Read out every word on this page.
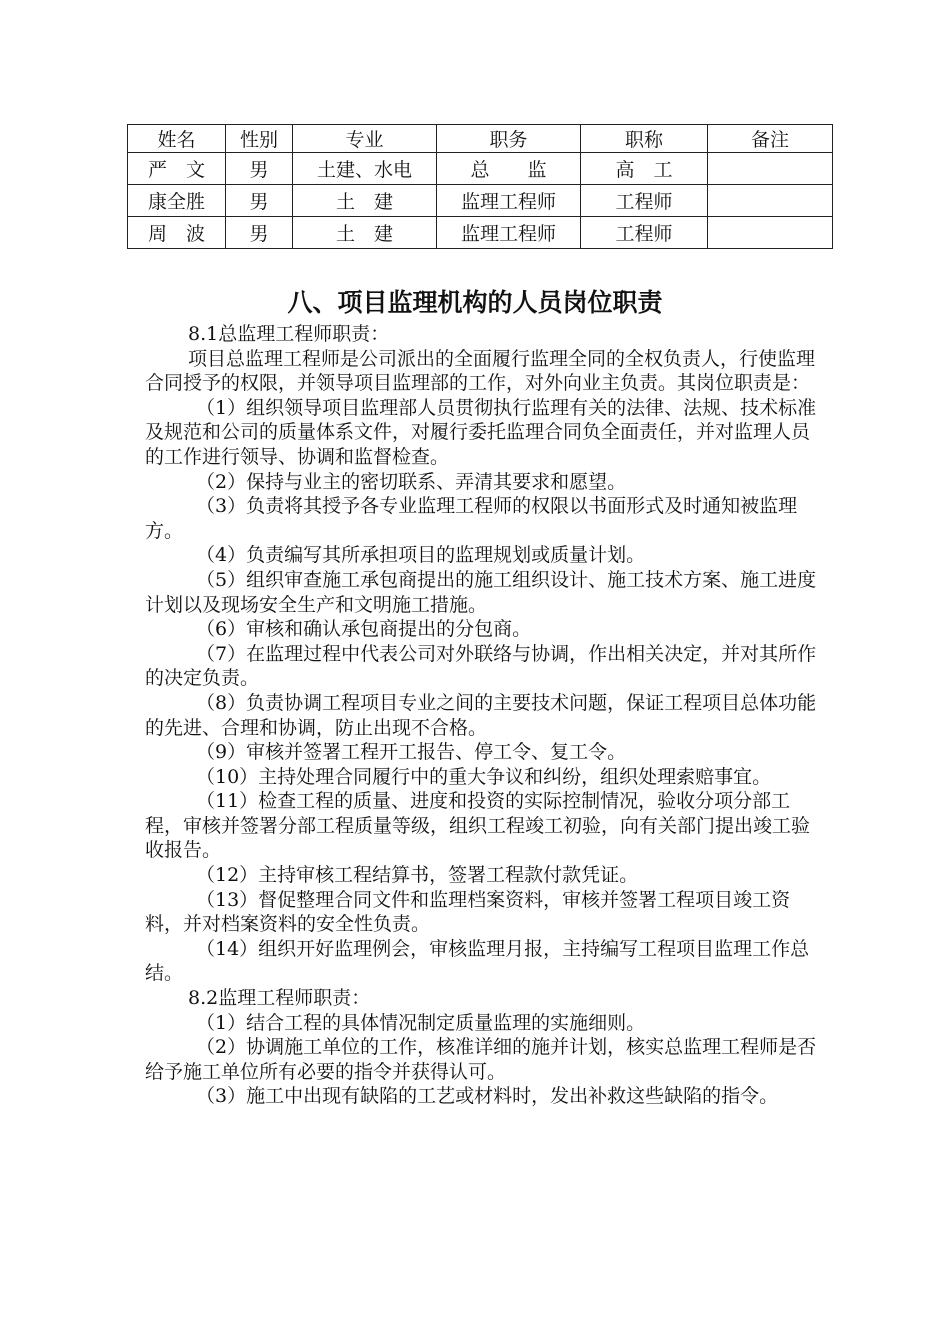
姓名	性别	专业	职务	职称	备注
严　文	男	土建、水电	总　　监	高　工	
康全胜	男	土　建	监理工程师	工程师	
周　波	男	土　建	监理工程师	工程师	
八、项目监理机构的人员岗位职责

8.1总监理工程师职责：

项目总监理工程师是公司派出的全面履行监理全同的全权负责人，行使监理合同授予的权限，并领导项目监理部的工作，对外向业主负责。其岗位职责是：

（1）组织领导项目监理部人员贯彻执行监理有关的法律、法规、技术标准及规范和公司的质量体系文件，对履行委托监理合同负全面责任，并对监理人员的工作进行领导、协调和监督检查。

（2）保持与业主的密切联系、弄清其要求和愿望。

（3）负责将其授予各专业监理工程师的权限以书面形式及时通知被监理方。

（4）负责编写其所承担项目的监理规划或质量计划。

（5）组织审查施工承包商提出的施工组织设计、施工技术方案、施工进度计划以及现场安全生产和文明施工措施。

（6）审核和确认承包商提出的分包商。

（7）在监理过程中代表公司对外联络与协调，作出相关决定，并对其所作的决定负责。

（8）负责协调工程项目专业之间的主要技术问题，保证工程项目总体功能的先进、合理和协调，防止出现不合格。

（9）审核并签署工程开工报告、停工令、复工令。

（10）主持处理合同履行中的重大争议和纠纷，组织处理索赔事宜。

（11）检查工程的质量、进度和投资的实际控制情况，验收分项分部工程，审核并签署分部工程质量等级，组织工程竣工初验，向有关部门提出竣工验收报告。

（12）主持审核工程结算书，签署工程款付款凭证。

（13）督促整理合同文件和监理档案资料，审核并签署工程项目竣工资料，并对档案资料的安全性负责。

（14）组织开好监理例会，审核监理月报，主持编写工程项目监理工作总结。

8.2监理工程师职责：

（1）结合工程的具体情况制定质量监理的实施细则。

（2）协调施工单位的工作，核准详细的施并计划，核实总监理工程师是否给予施工单位所有必要的指令并获得认可。

（3）施工中出现有缺陷的工艺或材料时，发出补救这些缺陷的指令。
